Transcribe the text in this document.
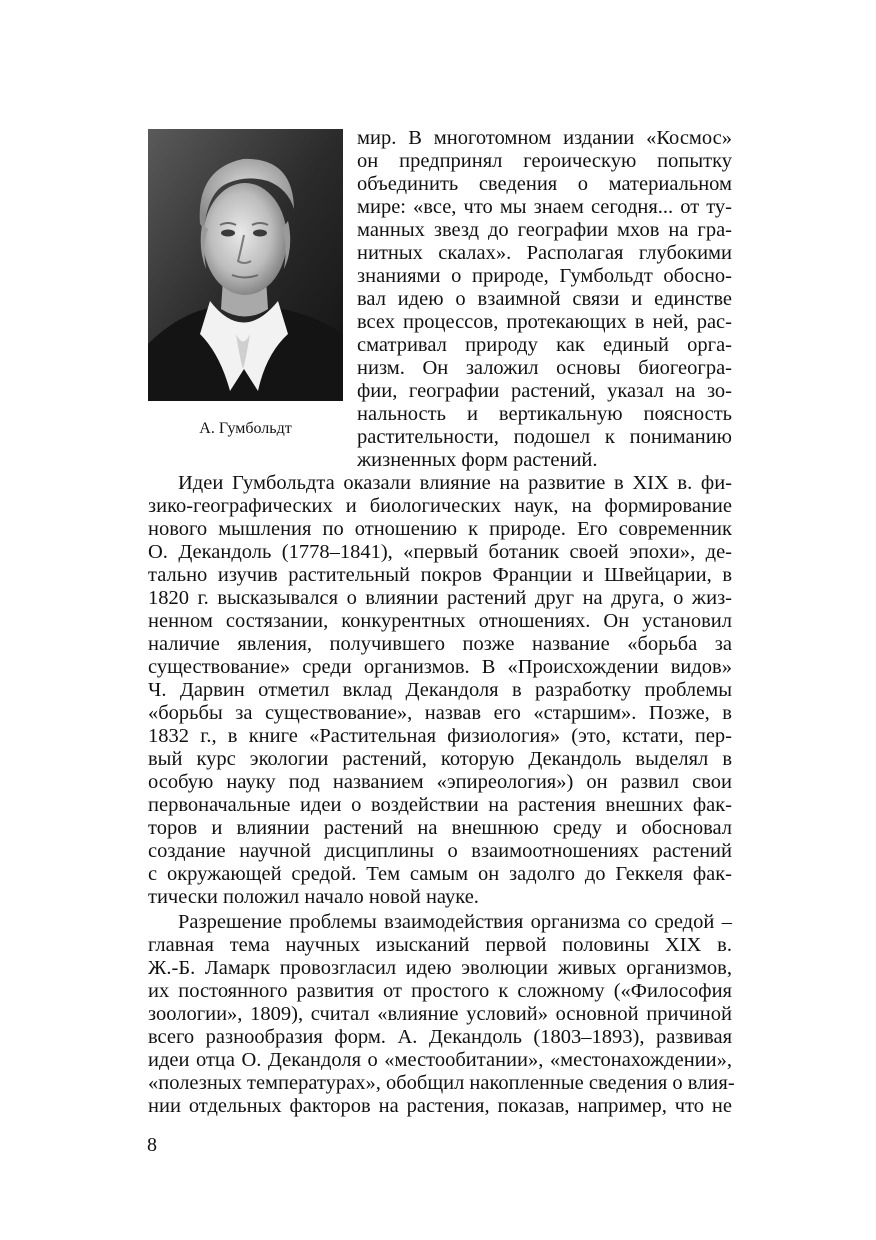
А. Гумбольдт
мир. В многотомном издании «Космос»
он предпринял героическую попытку
объединить сведения о материальном
мире: «все, что мы знаем сегодня... от ту-
манных звезд до географии мхов на гра-
нитных скалах». Располагая глубокими
знаниями о природе, Гумбольдт обосно-
вал идею о взаимной связи и единстве
всех процессов, протекающих в ней, рас-
сматривал природу как единый орга-
низм. Он заложил основы биогеогра-
фии, географии растений, указал на зо-
нальность и вертикальную поясность
растительности, подошел к пониманию
жизненных форм растений.
Идеи Гумбольдта оказали влияние на развитие в XIX в. фи-
зико-географических и биологических наук, на формирование
нового мышления по отношению к природе. Его современник
О. Декандоль (1778–1841), «первый ботаник своей эпохи», де-
тально изучив растительный покров Франции и Швейцарии, в
1820 г. высказывался о влиянии растений друг на друга, о жиз-
ненном состязании, конкурентных отношениях. Он установил
наличие явления, получившего позже название «борьба за
существование» среди организмов. В «Происхождении видов»
Ч. Дарвин отметил вклад Декандоля в разработку проблемы
«борьбы за существование», назвав его «старшим». Позже, в
1832 г., в книге «Растительная физиология» (это, кстати, пер-
вый курс экологии растений, которую Декандоль выделял в
особую науку под названием «эпиреология») он развил свои
первоначальные идеи о воздействии на растения внешних фак-
торов и влиянии растений на внешнюю среду и обосновал
создание научной дисциплины о взаимоотношениях растений
с окружающей средой. Тем самым он задолго до Геккеля фак-
тически положил начало новой науке.
Разрешение проблемы взаимодействия организма со средой –
главная тема научных изысканий первой половины XIX в.
Ж.-Б. Ламарк провозгласил идею эволюции живых организмов,
их постоянного развития от простого к сложному («Философия
зоологии», 1809), считал «влияние условий» основной причиной
всего разнообразия форм. А. Декандоль (1803–1893), развивая
идеи отца О. Декандоля о «местообитании», «местонахождении»,
«полезных температурах», обобщил накопленные сведения о влия-
нии отдельных факторов на растения, показав, например, что не
8
